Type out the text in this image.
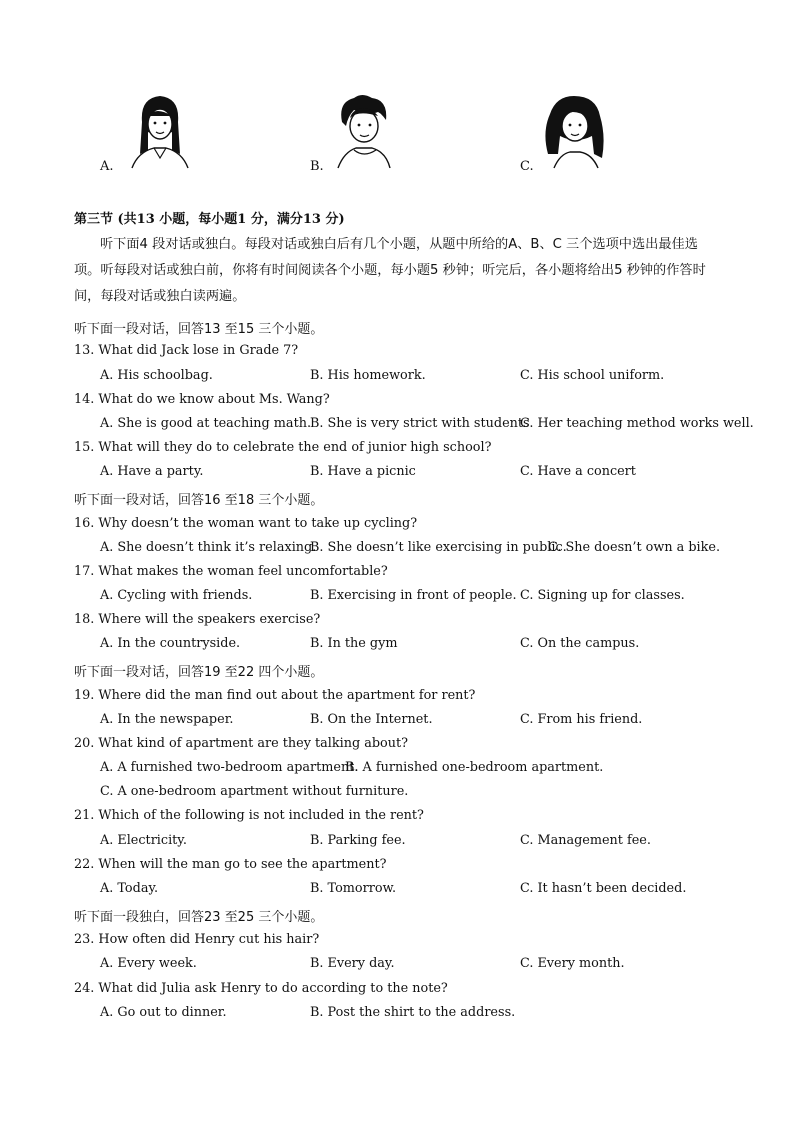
A.	B.	C.
第三节 (共13 小题，每小题1 分，满分13 分)
听下面4 段对话或独白。每段对话或独白后有几个小题，从题中所给的A、B、C 三个选项中选出最佳选项。听每段对话或独白前，你将有时间阅读各个小题，每小题5 秒钟；听完后，各小题将给出5 秒钟的作答时间，每段对话或独白读两遍。
听下面一段对话，回答13 至15 三个小题。
13. What did Jack lose in Grade 7?
A. His schoolbag.	B. His homework.	C. His school uniform.
14. What do we know about Ms. Wang?
A. She is good at teaching math.
B. She is very strict with students
C. Her teaching method works well.
15. What will they do to celebrate the end of junior high school?
A. Have a party.	B. Have a picnic	C. Have a concert
听下面一段对话，回答16 至18 三个小题。
16. Why doesn’t the woman want to take up cycling?
A. She doesn’t think it’s relaxing.
B. She doesn’t like exercising in public.
C. She doesn’t own a bike.
17. What makes the woman feel uncomfortable?
A. Cycling with friends.	B. Exercising in front of people. C. Signing up for classes.
18. Where will the speakers exercise?
A. In the countryside.	B. In the gym	C. On the campus.
听下面一段对话，回答19 至22 四个小题。
19. Where did the man find out about the apartment for rent?
A. In the newspaper.	B. On the Internet.	C. From his friend.
20. What kind of apartment are they talking about?
A. A furnished two-bedroom apartment.
B. A furnished one-bedroom apartment.
C. A one-bedroom apartment without furniture.
21. Which of the following is not included in the rent?
A. Electricity.	B. Parking fee.	C. Management fee.
22. When will the man go to see the apartment?
A. Today.	B. Tomorrow.	C. It hasn’t been decided.
听下面一段独白，回答23 至25 三个小题。
23. How often did Henry cut his hair?
A. Every week.	B. Every day.	C. Every month.
24. What did Julia ask Henry to do according to the note?
A. Go out to dinner.	B. Post the shirt to the address.
